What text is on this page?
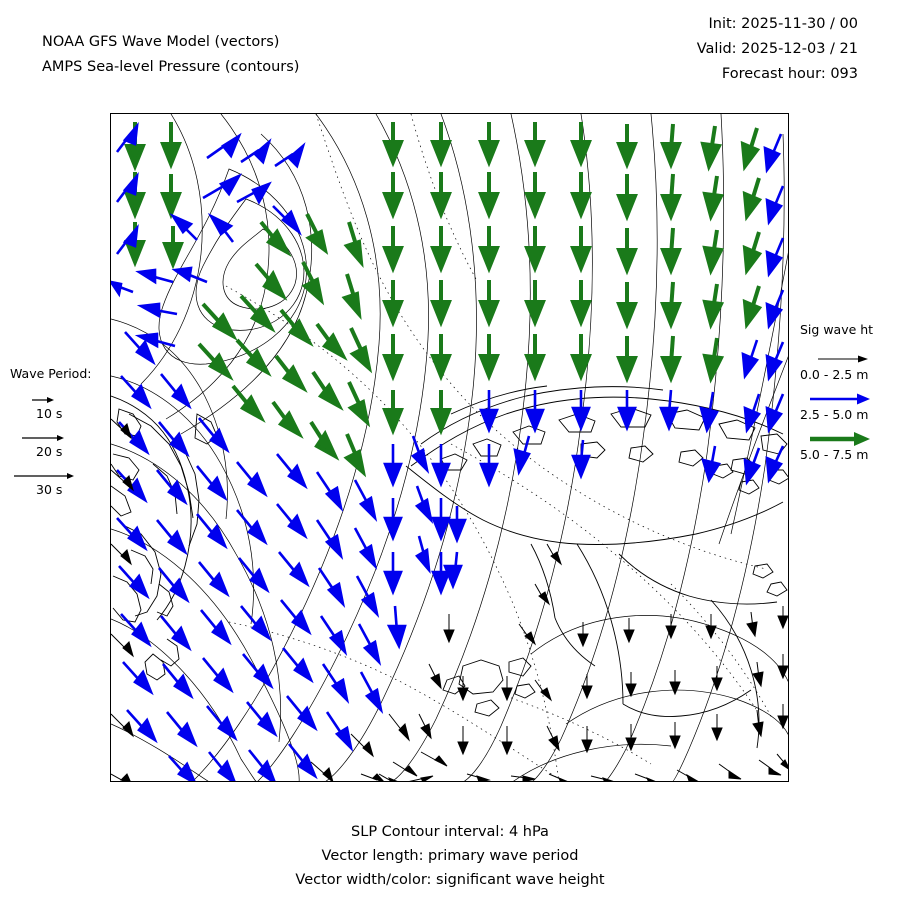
NOAA GFS Wave Model (vectors)
AMPS Sea-level Pressure (contours)
Init: 2025-11-30 / 00
Valid: 2025-12-03 / 21
Forecast hour: 093
Wave Period:
10 s
20 s
30 s
Sig wave ht
0.0 - 2.5 m
2.5 - 5.0 m
5.0 - 7.5 m
SLP Contour interval: 4 hPa
Vector length: primary wave period
Vector width/color: significant wave height
